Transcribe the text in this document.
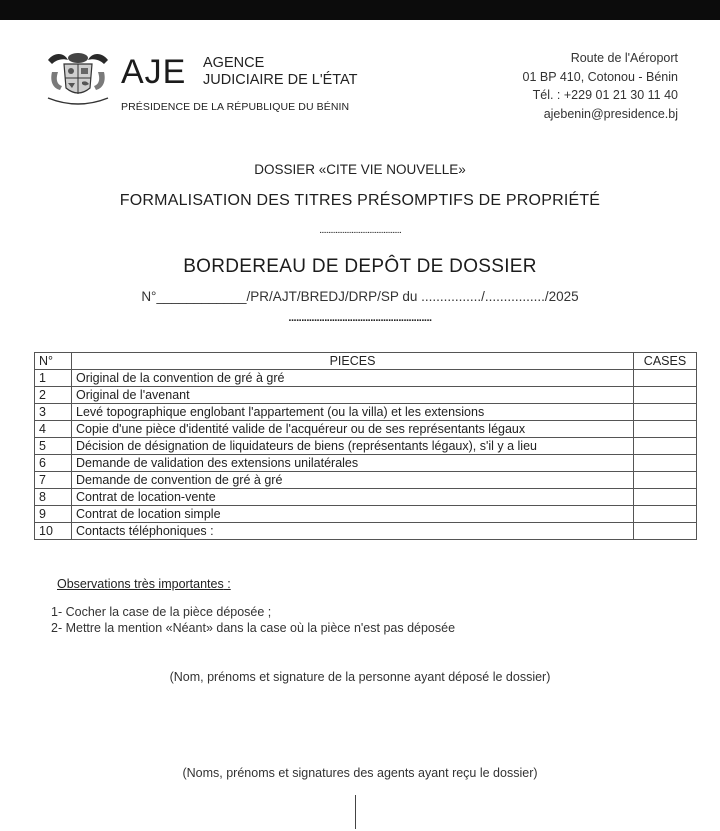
AJE AGENCE
JUDICIAIRE DE L'ÉTAT
PRÉSIDENCE DE LA RÉPUBLIQUE DU BÉNIN
Route de l'Aéroport
01 BP 410, Cotonou - Bénin
Tél. : +229 01 21 30 11 40
ajebenin@presidence.bj
DOSSIER «CITE VIE NOUVELLE»
FORMALISATION DES TITRES PRÉSOMPTIFS DE PROPRIÉTÉ
..............................................
BORDEREAU DE DEPÔT DE DOSSIER
N°____________/PR/AJT/BREDJ/DRP/SP du ................/................/2025
........................................................
N°	PIECES	CASES
1	Original de la convention de gré à gré	
2	Original de l'avenant	
3	Levé topographique englobant l'appartement (ou la villa) et les extensions	
4	Copie d'une pièce d'identité valide de l'acquéreur ou de ses représentants légaux	
5	Décision de désignation de liquidateurs de biens (représentants légaux), s'il y a lieu	
6	Demande de validation des extensions unilatérales	
7	Demande de convention de gré à gré	
8	Contrat de location-vente	
9	Contrat de location simple	
10	Contacts téléphoniques :	
Observations très importantes :
1- Cocher la case de la pièce déposée ;
2- Mettre la mention «Néant» dans la case où la pièce n'est pas déposée
(Nom, prénoms et signature de la personne ayant déposé le dossier)
(Noms, prénoms et signatures des agents ayant reçu le dossier)
